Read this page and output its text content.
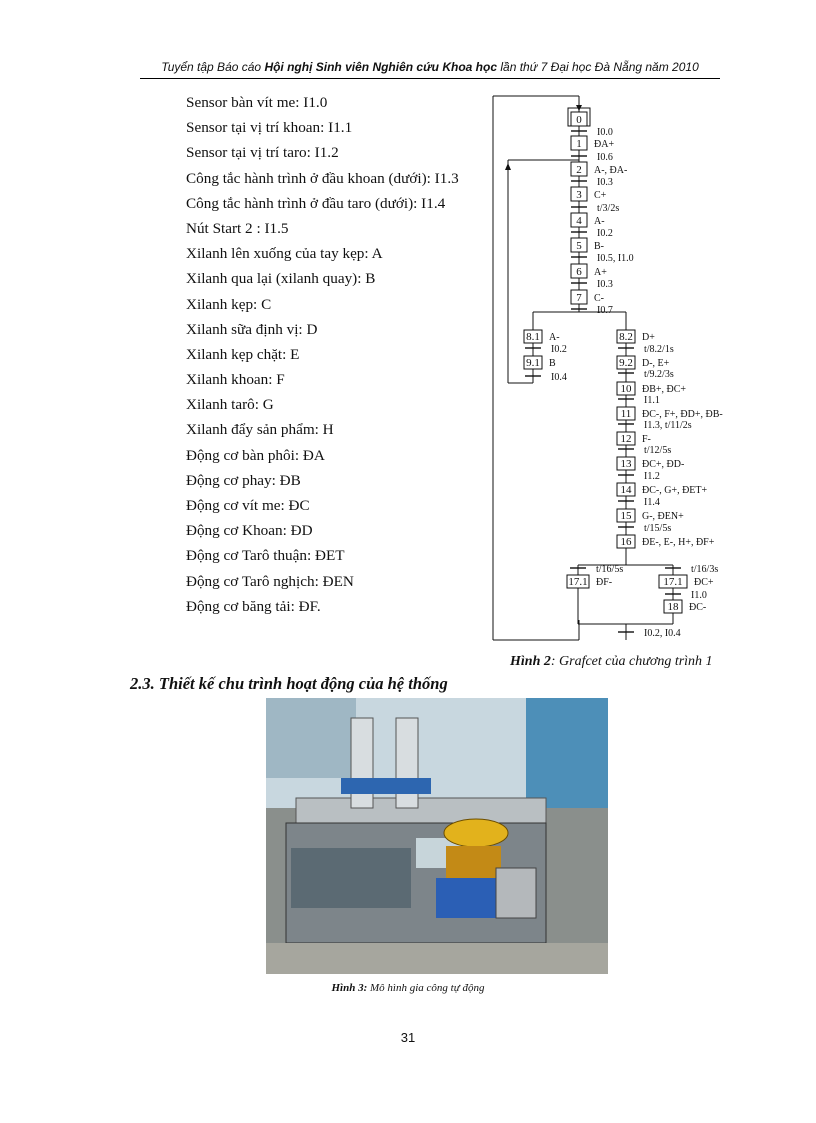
Tuyển tập Báo cáo Hội nghị Sinh viên Nghiên cứu Khoa học lần thứ 7 Đại học Đà Nẵng năm 2010
Sensor bàn vít me: I1.0
Sensor tại vị trí khoan: I1.1
Sensor tại vị trí taro: I1.2
Công tắc hành trình ở đầu khoan (dưới): I1.3
Công tắc hành trình ở đầu taro (dưới): I1.4
Nút Start 2 : I1.5
Xilanh lên xuống của tay kẹp: A
Xilanh qua lại (xilanh quay): B
Xilanh kẹp: C
Xilanh sữa định vị: D
Xilanh kẹp chặt: E
Xilanh khoan: F
Xilanh tarô: G
Xilanh đẩy sản phẩm: H
Động cơ bàn phôi: ĐA
Động cơ phay: ĐB
Động cơ vít me: ĐC
Động cơ Khoan: ĐD
Động cơ Tarô thuận: ĐET
Động cơ Tarô nghịch: ĐEN
Động cơ băng tải: ĐF.
0
I0.0
1 ĐA+
I0.6
2 A-, ĐA-
I0.3
3 C+
t/3/2s
4 A-
I0.2
5 B-
I0.5, I1.0
6 A+
I0.3
7 C-
I0.7
8.1 A-
I0.2
9.1 B
I0.4
8.2 D+
t/8.2/1s
9.2 D-, E+
t/9.2/3s
10 ĐB+, ĐC+
I1.1
11 ĐC-, F+, ĐD+, ĐB-
I1.3, t/11/2s
12 F-
t/12/5s
13 ĐC+, ĐD-
I1.2
14 ĐC-, G+, ĐET+
I1.4
15 G-, ĐEN+
t/15/5s
16 ĐE-, E-, H+, ĐF+
t/16/5s	t/16/3s
17.1 ĐF-	17.1 ĐC+
I1.0
18 ĐC-
I0.2, I0.4
Hình 2: Grafcet của chương trình 1
2.3. Thiết kế chu trình hoạt động của hệ thống
Hình 3: Mô hình gia công tự động
31
